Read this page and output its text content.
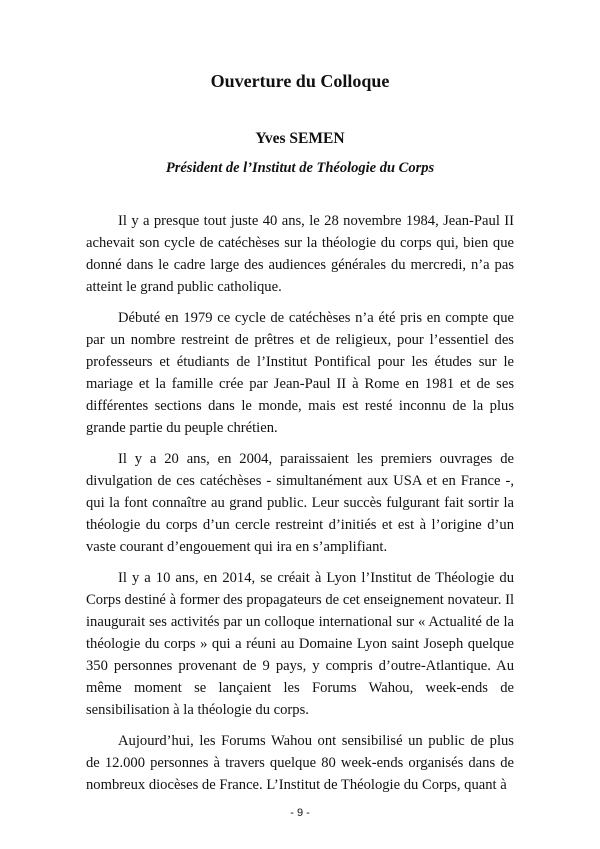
Ouverture du Colloque

Yves SEMEN

Président de l’Institut de Théologie du Corps

Il y a presque tout juste 40 ans, le 28 novembre 1984, Jean-Paul II achevait son cycle de catéchèses sur la théologie du corps qui, bien que donné dans le cadre large des audiences générales du mercredi, n’a pas atteint le grand public catholique.

Débuté en 1979 ce cycle de catéchèses n’a été pris en compte que par un nombre restreint de prêtres et de religieux, pour l’essentiel des professeurs et étudiants de l’Institut Pontifical pour les études sur le mariage et la famille crée par Jean-Paul II à Rome en 1981 et de ses différentes sections dans le monde, mais est resté inconnu de la plus grande partie du peuple chrétien.

Il y a 20 ans, en 2004, paraissaient les premiers ouvrages de divulgation de ces catéchèses - simultanément aux USA et en France -, qui la font connaître au grand public. Leur succès fulgurant fait sortir la théologie du corps d’un cercle restreint d’initiés et est à l’origine d’un vaste courant d’engouement qui ira en s’amplifiant.

Il y a 10 ans, en 2014, se créait à Lyon l’Institut de Théologie du Corps destiné à former des propagateurs de cet enseignement novateur. Il inaugurait ses activités par un colloque international sur « Actualité de la théologie du corps » qui a réuni au Domaine Lyon saint Joseph quelque 350 personnes provenant de 9 pays, y compris d’outre-Atlantique. Au même moment se lançaient les Forums Wahou, week-ends de sensibilisation à la théologie du corps.

Aujourd’hui, les Forums Wahou ont sensibilisé un public de plus de 12.000 personnes à travers quelque 80 week-ends organisés dans de nombreux diocèses de France. L’Institut de Théologie du Corps, quant à

- 9 -
